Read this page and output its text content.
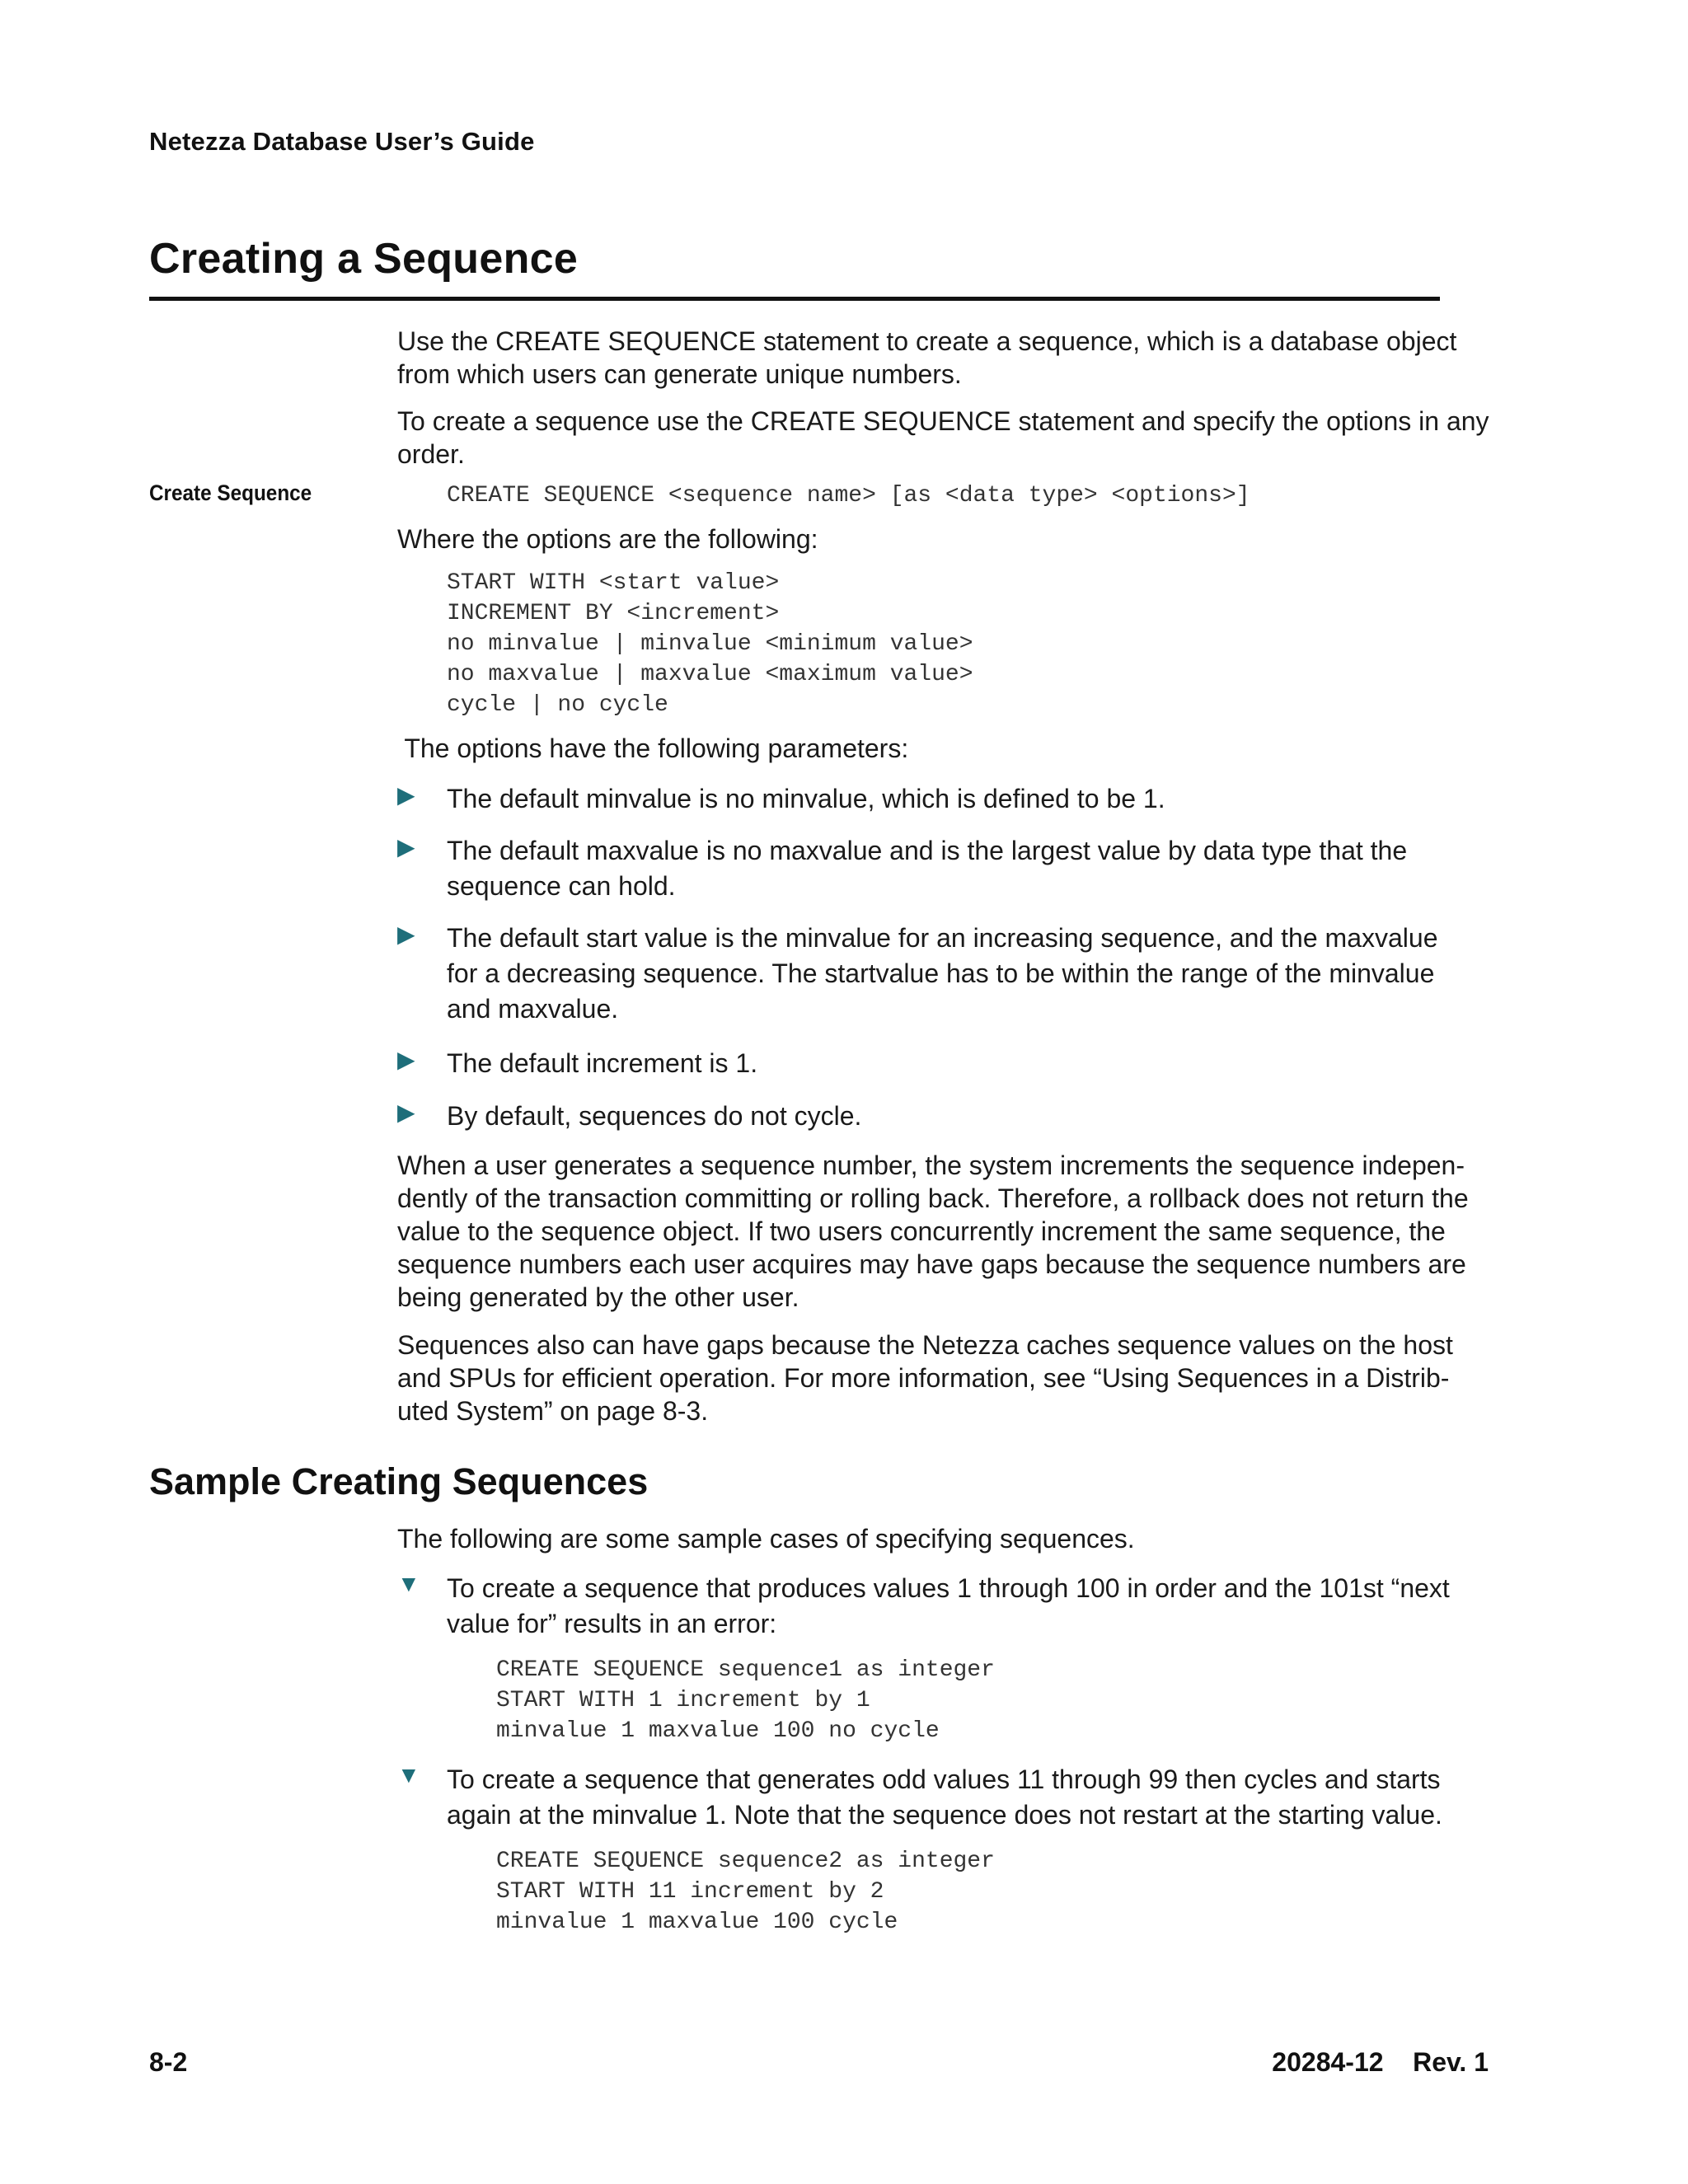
Netezza Database User’s Guide
Creating a Sequence

Use the CREATE SEQUENCE statement to create a sequence, which is a database object from which users can generate unique numbers.

To create a sequence use the CREATE SEQUENCE statement and specify the options in any order.

Create Sequence	CREATE SEQUENCE <sequence name> [as <data type> <options>]

Where the options are the following:

START WITH <start value>
INCREMENT BY <increment>
no minvalue | minvalue <minimum value>
no maxvalue | maxvalue <maximum value>
cycle | no cycle

The options have the following parameters:

▶ The default minvalue is no minvalue, which is defined to be 1.
▶ The default maxvalue is no maxvalue and is the largest value by data type that the sequence can hold.
▶ The default start value is the minvalue for an increasing sequence, and the maxvalue for a decreasing sequence. The startvalue has to be within the range of the minvalue and maxvalue.
▶ The default increment is 1.
▶ By default, sequences do not cycle.

When a user generates a sequence number, the system increments the sequence indepen-dently of the transaction committing or rolling back. Therefore, a rollback does not return the value to the sequence object. If two users concurrently increment the same sequence, the sequence numbers each user acquires may have gaps because the sequence numbers are being generated by the other user.

Sequences also can have gaps because the Netezza caches sequence values on the host and SPUs for efficient operation. For more information, see “Using Sequences in a Distrib-uted System” on page 8-3.

Sample Creating Sequences

The following are some sample cases of specifying sequences.

▼ To create a sequence that produces values 1 through 100 in order and the 101st “next value for” results in an error:
CREATE SEQUENCE sequence1 as integer
START WITH 1 increment by 1
minvalue 1 maxvalue 100 no cycle
▼ To create a sequence that generates odd values 11 through 99 then cycles and starts again at the minvalue 1. Note that the sequence does not restart at the starting value.
CREATE SEQUENCE sequence2 as integer
START WITH 11 increment by 2
minvalue 1 maxvalue 100 cycle
8-2	20284-12    Rev. 1
